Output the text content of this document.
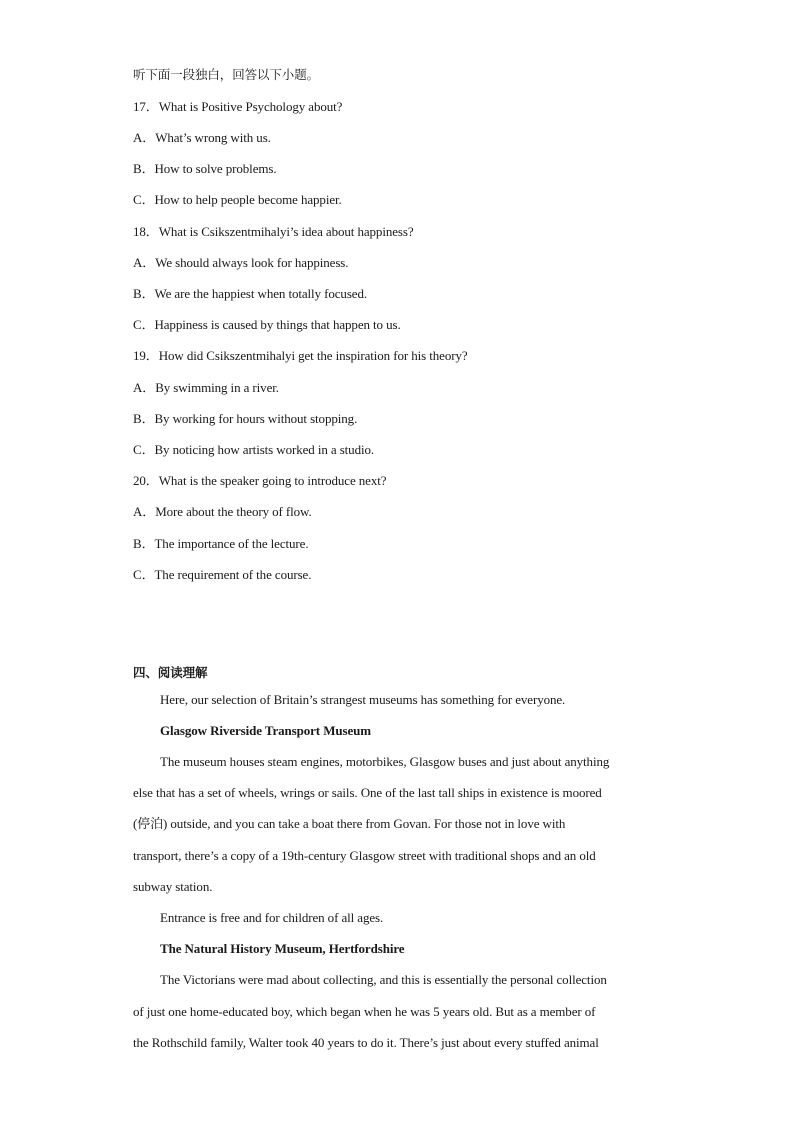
听下面一段独白，回答以下小题。
17．What is Positive Psychology about?
A．What’s wrong with us.
B．How to solve problems.
C．How to help people become happier.
18．What is Csikszentmihalyi’s idea about happiness?
A．We should always look for happiness.
B．We are the happiest when totally focused.
C．Happiness is caused by things that happen to us.
19．How did Csikszentmihalyi get the inspiration for his theory?
A．By swimming in a river.
B．By working for hours without stopping.
C．By noticing how artists worked in a studio.
20．What is the speaker going to introduce next?
A．More about the theory of flow.
B．The importance of the lecture.
C．The requirement of the course.
四、阅读理解
Here, our selection of Britain’s strangest museums has something for everyone.
Glasgow Riverside Transport Museum
The museum houses steam engines, motorbikes, Glasgow buses and just about anything
else that has a set of wheels, wrings or sails. One of the last tall ships in existence is moored
(停泊) outside, and you can take a boat there from Govan. For those not in love with
transport, there’s a copy of a 19th-century Glasgow street with traditional shops and an old
subway station.
Entrance is free and for children of all ages.
The Natural History Museum, Hertfordshire
The Victorians were mad about collecting, and this is essentially the personal collection
of just one home-educated boy, which began when he was 5 years old. But as a member of
the Rothschild family, Walter took 40 years to do it. There’s just about every stuffed animal
